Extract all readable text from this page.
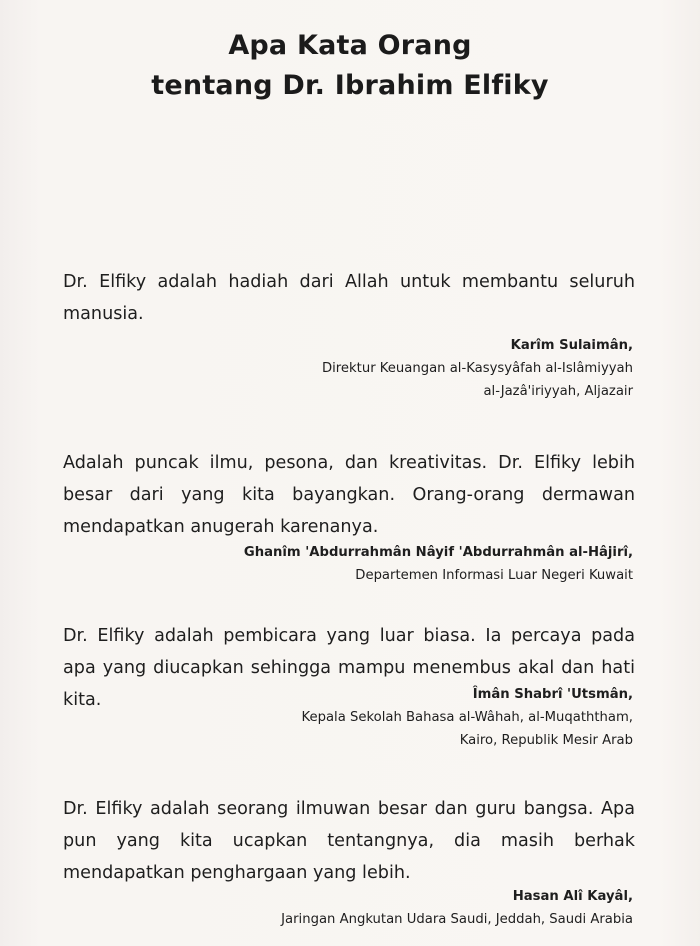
Apa Kata Orang
tentang Dr. Ibrahim Elfiky
Dr. Elfiky adalah hadiah dari Allah untuk membantu seluruh manusia.
Karîm Sulaimân,
Direktur Keuangan al-Kasysyâfah al-Islâmiyyah
al-Jazâ'iriyyah, Aljazair
Adalah puncak ilmu, pesona, dan kreativitas. Dr. Elfiky lebih besar dari yang kita bayangkan. Orang-orang dermawan mendapatkan anugerah karenanya.
Ghanîm 'Abdurrahmân Nâyif 'Abdurrahmân al-Hâjirî,
Departemen Informasi Luar Negeri Kuwait
Dr. Elfiky adalah pembicara yang luar biasa. Ia percaya pada apa yang diucapkan sehingga mampu menembus akal dan hati kita.	Îmân Shabrî 'Utsmân,
Kepala Sekolah Bahasa al-Wâhah, al-Muqaththam,
Kairo, Republik Mesir Arab
Dr. Elfiky adalah seorang ilmuwan besar dan guru bangsa. Apa pun yang kita ucapkan tentangnya, dia masih berhak mendapatkan penghargaan yang lebih.
Hasan Alî Kayâl,
Jaringan Angkutan Udara Saudi, Jeddah, Saudi Arabia
